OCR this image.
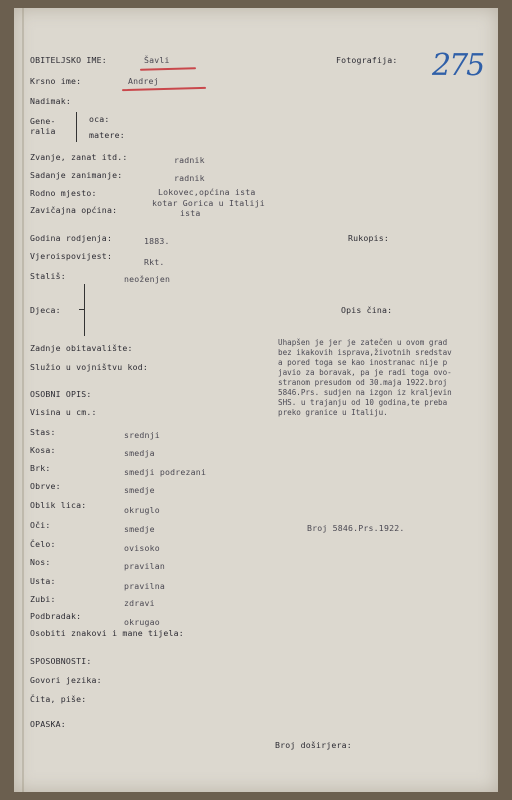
275
OBITELJSKO IME:	Šavli	Fotografija:
Krsno ime:	Andrej
Nadimak:
Gene-
ralia
oca:
matere:
Zvanje, zanat itd.:	radnik
Sadanje zanimanje:	radnik
Rodno mjesto:	Lokovec,općina ista
Zavičajna općina:
kotar Gorica u Italiji
ista
Godina rodjenja:	1883.	Rukopis:
Vjeroispovijest:
Rkt.
Stališ:	neoženjen
Djeca:	Opis čina:
Zadnje obitavalište:
Služio u vojništvu kod:
Uhapšen je jer je zatečen u ovom grad
bez ikakovih isprava,životnih sredstav
a pored toga se kao inostranac nije p
javio za boravak, pa je radi toga ovo-
stranom presudom od 30.maja 1922.broj
5846.Prs. sudjen na izgon iz kraljevin
SHS. u trajanju od 10 godina,te preba
preko granice u Italiju.
Broj 5846.Prs.1922.
OSOBNI OPIS:
Visina u cm.:
Stas:	srednji
Kosa:	smedja
Brk:	smedji podrezani
Obrve:	smedje
Oblik lica:	okruglo
Oči:	smedje
Čelo:	ovisoko
Nos:	pravilan
Usta:	pravilna
Zubi:	zdravi
Podbradak:
okrugao
Osobiti znakovi i mane tijela:
SPOSOBNOSTI:
Govori jezika:
Čita, piše:
OPASKA:
Broj doširjera:
